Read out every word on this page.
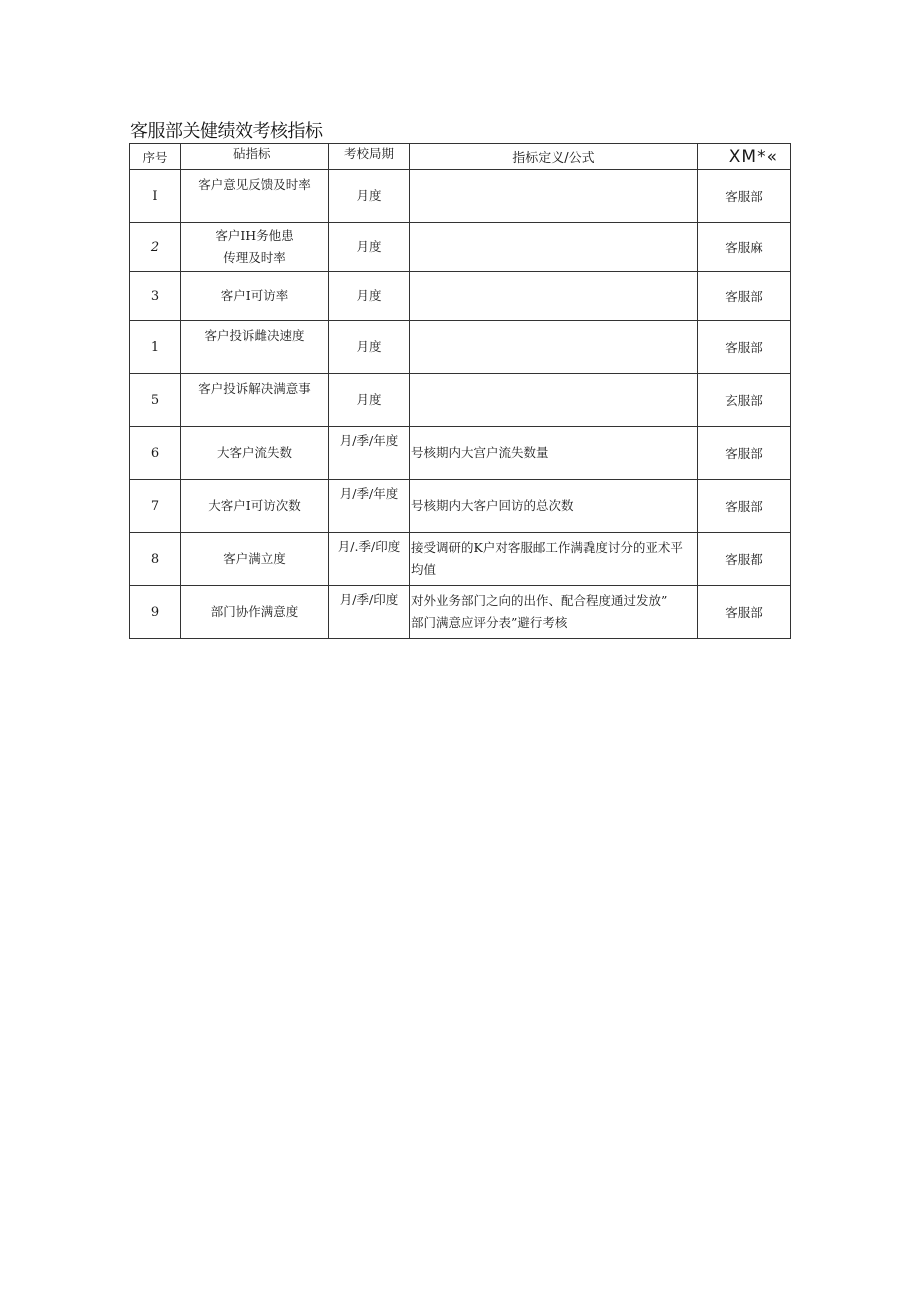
客服部关健绩效考核指标
序号	砧指标	考校局期	指标定义/公式	XM*«
I	客户意见反馈及时率	月度		客服部
2	客户IH务他患
传理及时率	月度		客服麻
3	客户I可访率	月度		客服部
1	客户投诉雌决速度	月度		客服部
5	客户投诉解决满意事	月度		玄服部
6	大客户流失数	月/季/年度	号核期内大宫户流失数量	客服部
7	大客户I可访次数	月/季/年度	号核期内大客户回访的总次数	客服部
8	客户满立度	月/.季/印度	接受调研的K户对客服邮工作满毳度讨分的亚术平
均值	客服都
9	部门协作满意度	月/季/印度	对外业务部门之向的出作、配合程度通过发放”
部门满意应评分表”避行考核	客服部
